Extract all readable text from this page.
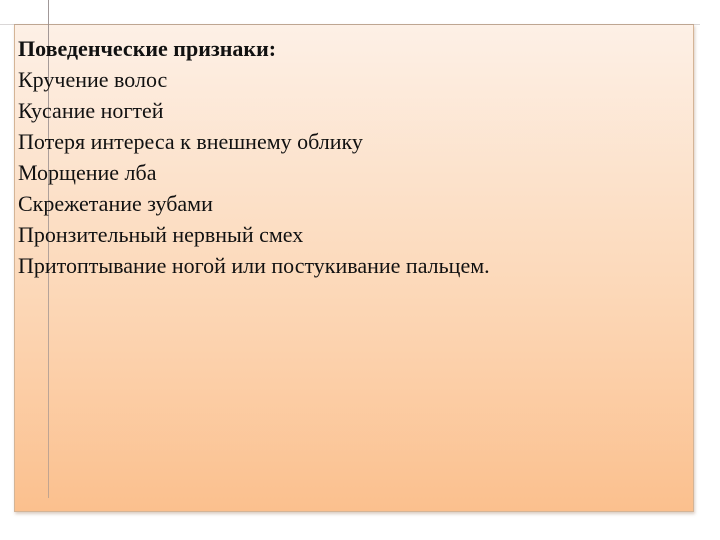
Поведенческие признаки:

Кручение волос
Кусание ногтей
Потеря интереса к внешнему облику
Морщение лба
Скрежетание зубами
Пронзительный нервный смех
Притоптывание ногой или постукивание пальцем.
